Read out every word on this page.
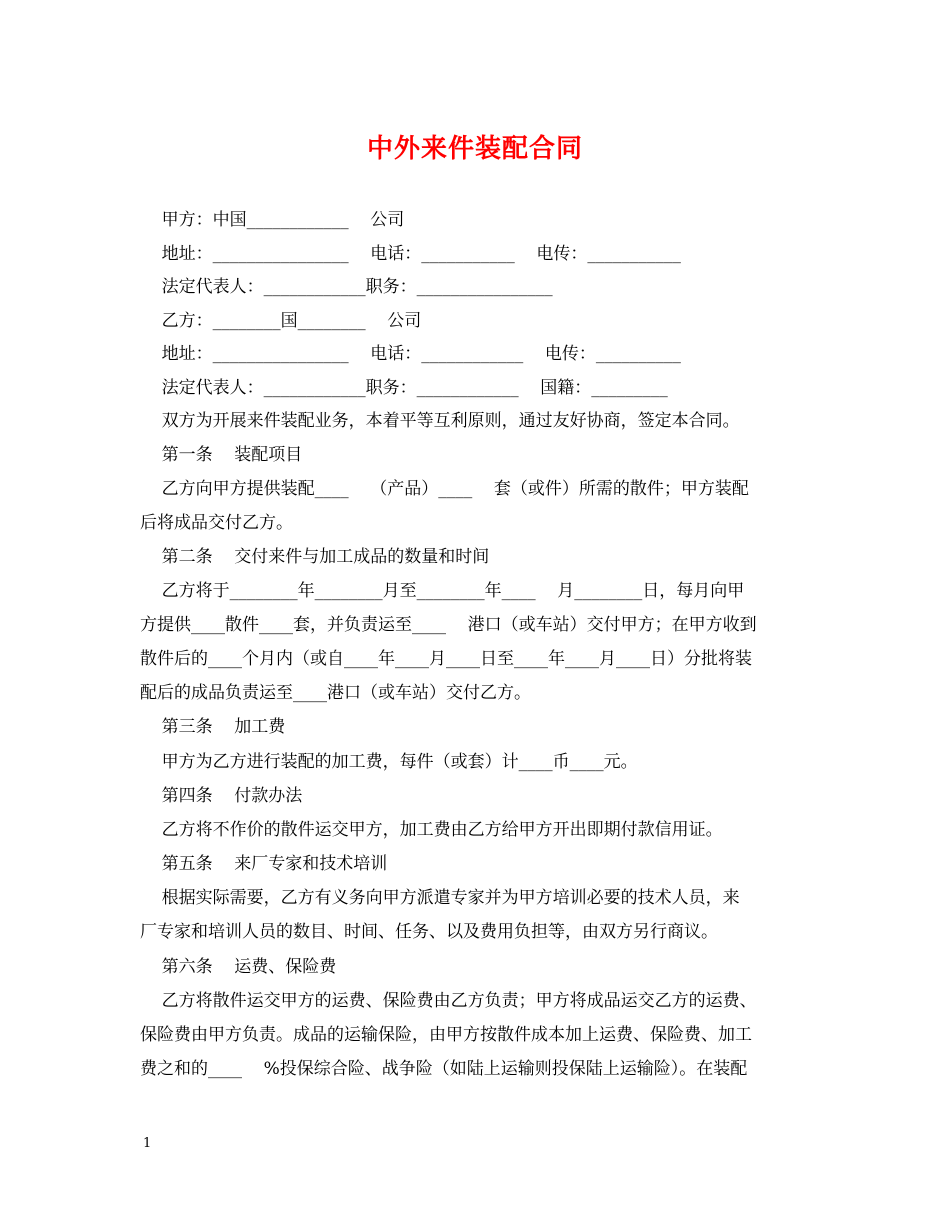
中外来件装配合同
甲方：中国____________    公司
地址：________________    电话：___________    电传：___________
法定代表人：____________职务：________________
乙方：________国________    公司
地址：________________    电话：____________    电传：__________
法定代表人：____________职务：____________    国籍：_________
双方为开展来件装配业务，本着平等互利原则，通过友好协商，签定本合同。
第一条    装配项目
乙方向甲方提供装配____    （产品）____    套（或件）所需的散件；甲方装配
后将成品交付乙方。
第二条    交付来件与加工成品的数量和时间
乙方将于________年________月至________年____    月________日，每月向甲
方提供____散件____套，并负责运至____    港口（或车站）交付甲方；在甲方收到
散件后的____个月内（或自____年____月____日至____年____月____日）分批将装
配后的成品负责运至____港口（或车站）交付乙方。
第三条    加工费
甲方为乙方进行装配的加工费，每件（或套）计____币____元。
第四条    付款办法
乙方将不作价的散件运交甲方，加工费由乙方给甲方开出即期付款信用证。
第五条    来厂专家和技术培训
根据实际需要，乙方有义务向甲方派遣专家并为甲方培训必要的技术人员，来
厂专家和培训人员的数目、时间、任务、以及费用负担等，由双方另行商议。
第六条    运费、保险费
乙方将散件运交甲方的运费、保险费由乙方负责；甲方将成品运交乙方的运费、
保险费由甲方负责。成品的运输保险，由甲方按散件成本加上运费、保险费、加工
费之和的____    %投保综合险、战争险（如陆上运输则投保陆上运输险）。在装配
1
